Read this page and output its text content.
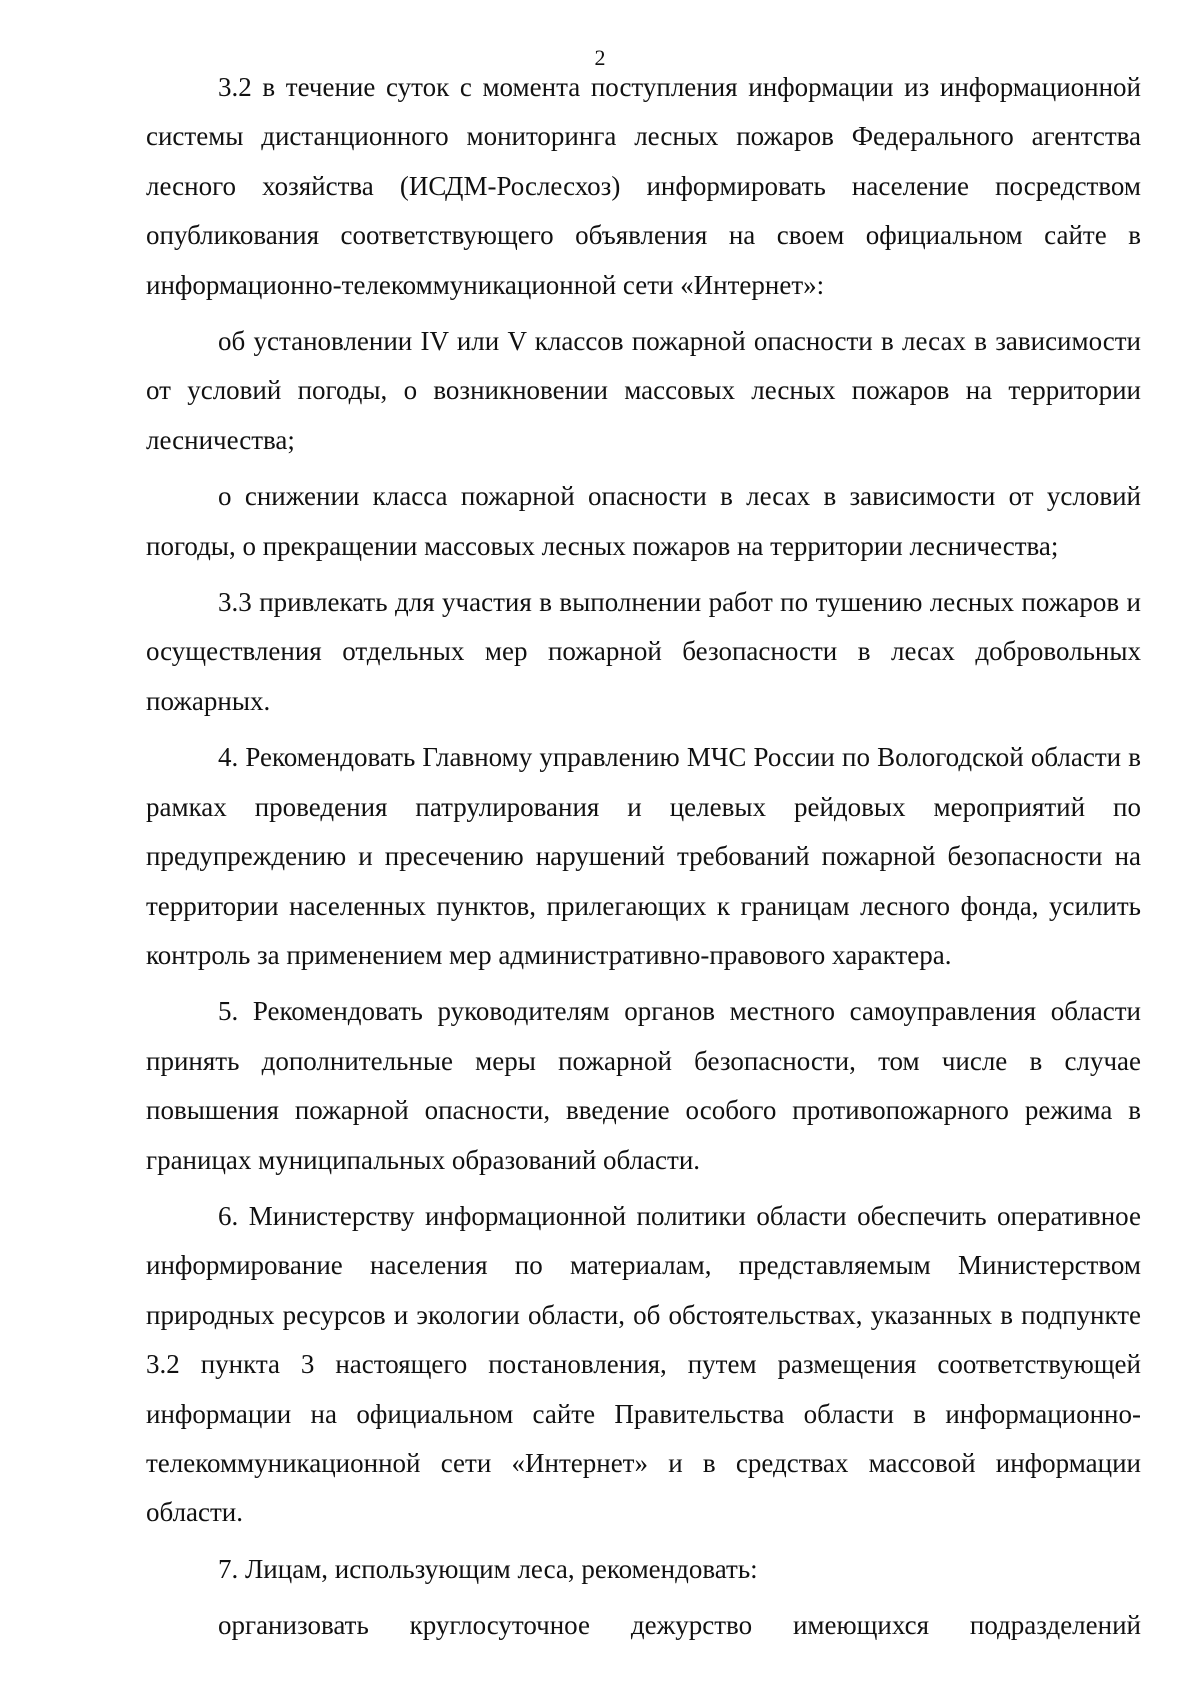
2

3.2 в течение суток с момента поступления информации из информационной системы дистанционного мониторинга лесных пожаров Федерального агентства лесного хозяйства (ИСДМ-Рослесхоз) информировать население посредством опубликования соответствующего объявления на своем официальном сайте в информационно-телекоммуникационной сети «Интернет»:

об установлении IV или V классов пожарной опасности в лесах в зависимости от условий погоды, о возникновении массовых лесных пожаров на территории лесничества;

о снижении класса пожарной опасности в лесах в зависимости от условий погоды, о прекращении массовых лесных пожаров на территории лесничества;

3.3 привлекать для участия в выполнении работ по тушению лесных пожаров и осуществления отдельных мер пожарной безопасности в лесах добровольных пожарных.

4. Рекомендовать Главному управлению МЧС России по Вологодской области в рамках проведения патрулирования и целевых рейдовых мероприятий по предупреждению и пресечению нарушений требований пожарной безопасности на территории населенных пунктов, прилегающих к границам лесного фонда, усилить контроль за применением мер административно-правового характера.

5. Рекомендовать руководителям органов местного самоуправления области принять дополнительные меры пожарной безопасности, том числе в случае повышения пожарной опасности, введение особого противопожарного режима в границах муниципальных образований области.

6. Министерству информационной политики области обеспечить оперативное информирование населения по материалам, представляемым Министерством природных ресурсов и экологии области, об обстоятельствах, указанных в подпункте 3.2 пункта 3 настоящего постановления, путем размещения соответствующей информации на официальном сайте Правительства области в информационно-телекоммуникационной сети «Интернет» и в средствах массовой информации области.

7. Лицам, использующим леса, рекомендовать:

организовать круглосуточное дежурство имеющихся подразделений
